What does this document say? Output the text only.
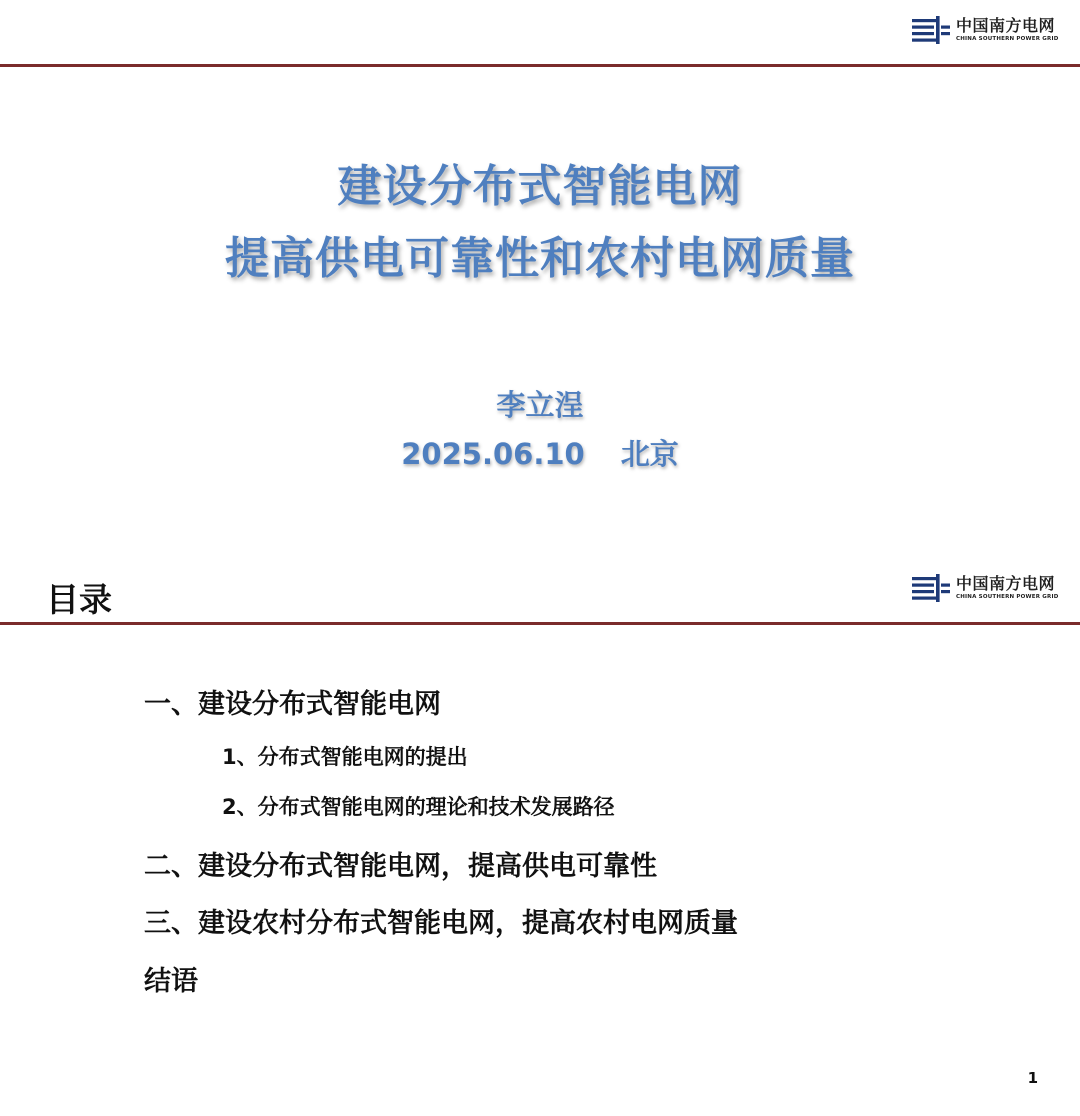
中国南方电网
CHINA SOUTHERN POWER GRID
建设分布式智能电网
提高供电可靠性和农村电网质量
李立浧
2025.06.10 北京
目录	中国南方电网
CHINA SOUTHERN POWER GRID
一、建设分布式智能电网
1、分布式智能电网的提出
2、分布式智能电网的理论和技术发展路径
二、建设分布式智能电网，提高供电可靠性
三、建设农村分布式智能电网，提高农村电网质量
结语
1
